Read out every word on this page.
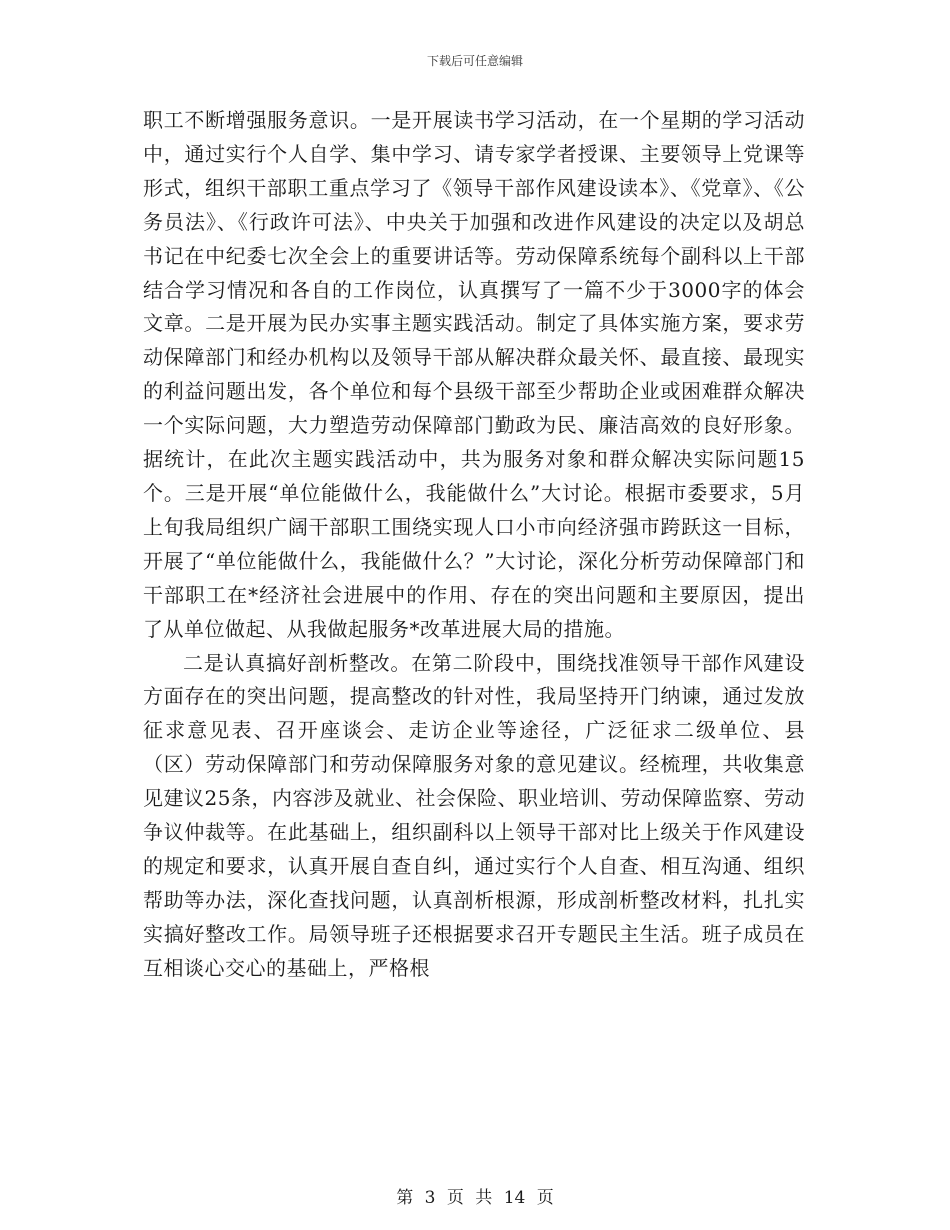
下载后可任意编辑

职工不断增强服务意识。一是开展读书学习活动，在一个星期的学习活动中，通过实行个人自学、集中学习、请专家学者授课、主要领导上党课等形式，组织干部职工重点学习了《领导干部作风建设读本》、《党章》、《公务员法》、《行政许可法》、中央关于加强和改进作风建设的决定以及胡总书记在中纪委七次全会上的重要讲话等。劳动保障系统每个副科以上干部结合学习情况和各自的工作岗位，认真撰写了一篇不少于3000字的体会文章。二是开展为民办实事主题实践活动。制定了具体实施方案，要求劳动保障部门和经办机构以及领导干部从解决群众最关怀、最直接、最现实的利益问题出发，各个单位和每个县级干部至少帮助企业或困难群众解决一个实际问题，大力塑造劳动保障部门勤政为民、廉洁高效的良好形象。据统计，在此次主题实践活动中，共为服务对象和群众解决实际问题15个。三是开展“单位能做什么，我能做什么”大讨论。根据市委要求，5月上旬我局组织广阔干部职工围绕实现人口小市向经济强市跨跃这一目标，开展了“单位能做什么，我能做什么？”大讨论，深化分析劳动保障部门和干部职工在*经济社会进展中的作用、存在的突出问题和主要原因，提出了从单位做起、从我做起服务*改革进展大局的措施。

二是认真搞好剖析整改。在第二阶段中，围绕找准领导干部作风建设方面存在的突出问题，提高整改的针对性，我局坚持开门纳谏，通过发放征求意见表、召开座谈会、走访企业等途径，广泛征求二级单位、县（区）劳动保障部门和劳动保障服务对象的意见建议。经梳理，共收集意见建议25条，内容涉及就业、社会保险、职业培训、劳动保障监察、劳动争议仲裁等。在此基础上，组织副科以上领导干部对比上级关于作风建设的规定和要求，认真开展自查自纠，通过实行个人自查、相互沟通、组织帮助等办法，深化查找问题，认真剖析根源，形成剖析整改材料，扎扎实实搞好整改工作。局领导班子还根据要求召开专题民主生活。班子成员在互相谈心交心的基础上，严格根

第 3 页 共 14 页
